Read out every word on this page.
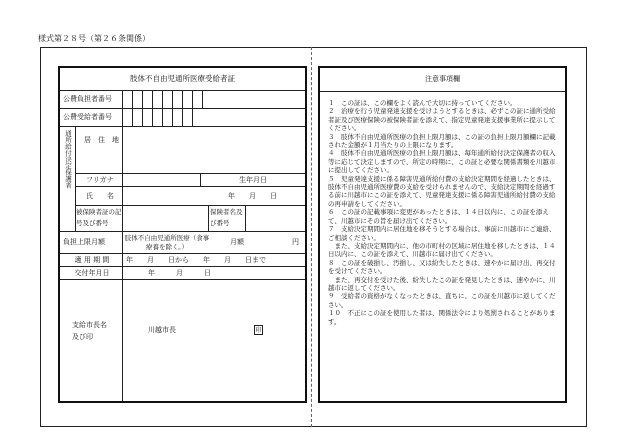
様式第２８号（第２６条関係）
肢体不自由児通所医療受給者証
公費負担者番号
公費受給者番号
通所給付決定保護者 居　住　地
フリガナ	生年月日
氏　　名	年　　月　　日
被保険者証の記号及び番号
保険者名及び番号
負担上限月額	肢体不自由児通所医療（食事療養を除く。）
月額	円
適 用 期 間	年　　月　　日から　　年　　月　　日まで
交付年月日	年　　　月　　　日
支給市長名及び印
川越市長	印
注意事項欄
１　この証は、この欄をよく読んで大切に持っていてください。
２　治療を行う児童発達支援を受けようとするときは、必ずこの証に通所受給者証及び医療保険の被保険者証を添えて、指定児童発達支援事業所に提示してください。
３　肢体不自由児通所医療の負担上限月額は、この証の負担上限月額欄に記載された金額が１月当たりの上限になります。
４　肢体不自由児通所医療の負担上限月額は、毎年通所給付決定保護者の収入等に応じて決定しますので、所定の時期に、この証と必要な関係書類を川越市に提出してください。
５　児童発達支援に係る障害児通所給付費の支給決定期間を経過したときは、肢体不自由児通所医療費の支給を受けられませんので、支給決定期間を経過する前に川越市にこの証を添えて、児童発達支援に係る障害児通所給付費の支給の再申請をしてください。
６　この証の記載事項に変更があったときは、１４日以内に、この証を添えて、川越市にその旨を届け出てください。
７　支給決定期間内に居住地を移そうとする場合は、事前に川越市にご連絡、ご相談ください。
　また、支給決定期間内に、他の市町村の区域に居住地を移したときは、１４日以内に、この証を添えて、川越市に届け出てください。
８　この証を破損し、汚損し、又は紛失したときは、速やかに届け出、再交付を受けてください。
　また、再交付を受けた後、紛失したこの証を発見したときは、速やかに、川越市に返してください。
９　受給者の資格がなくなったときは、直ちに、この証を川越市に返してください。
１０　不正にこの証を使用した者は、関係法令により処罰されることがあります。
